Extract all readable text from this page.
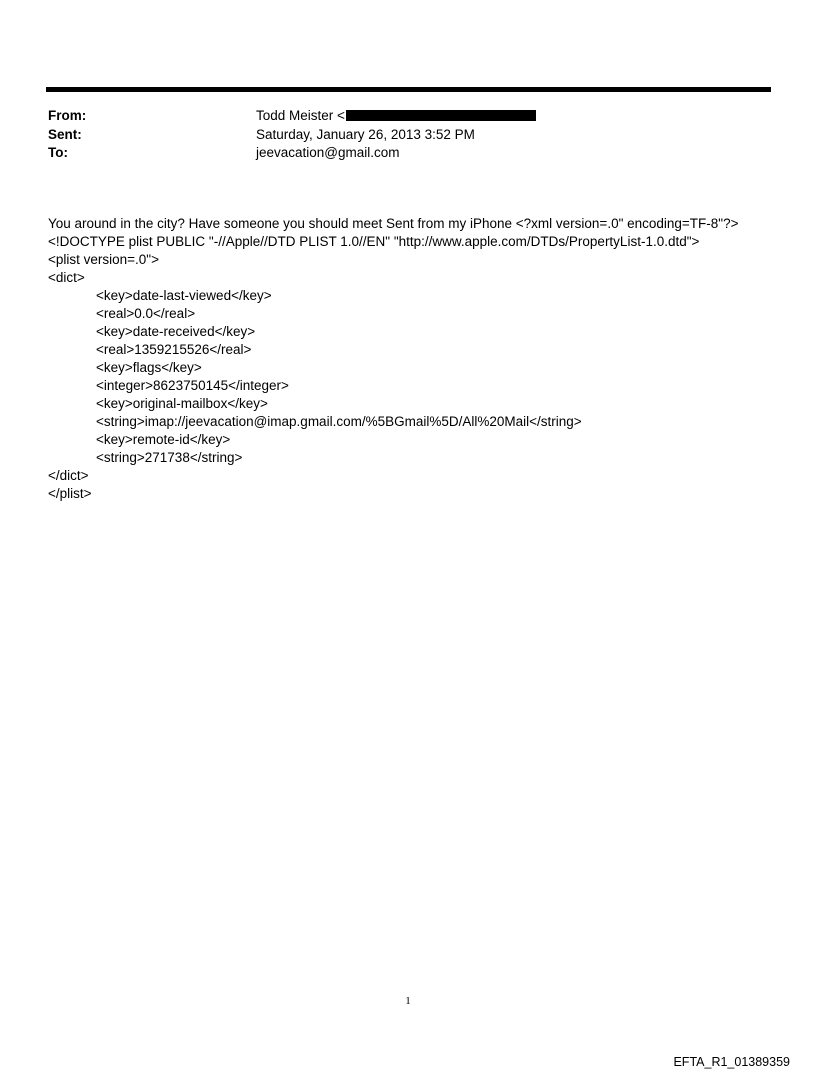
From:	Todd Meister <
Sent:	Saturday, January 26, 2013 3:52 PM
To:	jeevacation@gmail.com
You around in the city? Have someone you should meet Sent from my iPhone <?xml version=.0" encoding=TF-8"?>
<!DOCTYPE plist PUBLIC "-//Apple//DTD PLIST 1.0//EN" "http://www.apple.com/DTDs/PropertyList-1.0.dtd">
<plist version=.0">
<dict>
<key>date-last-viewed</key>
<real>0.0</real>
<key>date-received</key>
<real>1359215526</real>
<key>flags</key>
<integer>8623750145</integer>
<key>original-mailbox</key>
<string>imap://jeevacation@imap.gmail.com/%5BGmail%5D/All%20Mail</string>
<key>remote-id</key>
<string>271738</string>
</dict>
</plist>
1
EFTA_R1_01389359
